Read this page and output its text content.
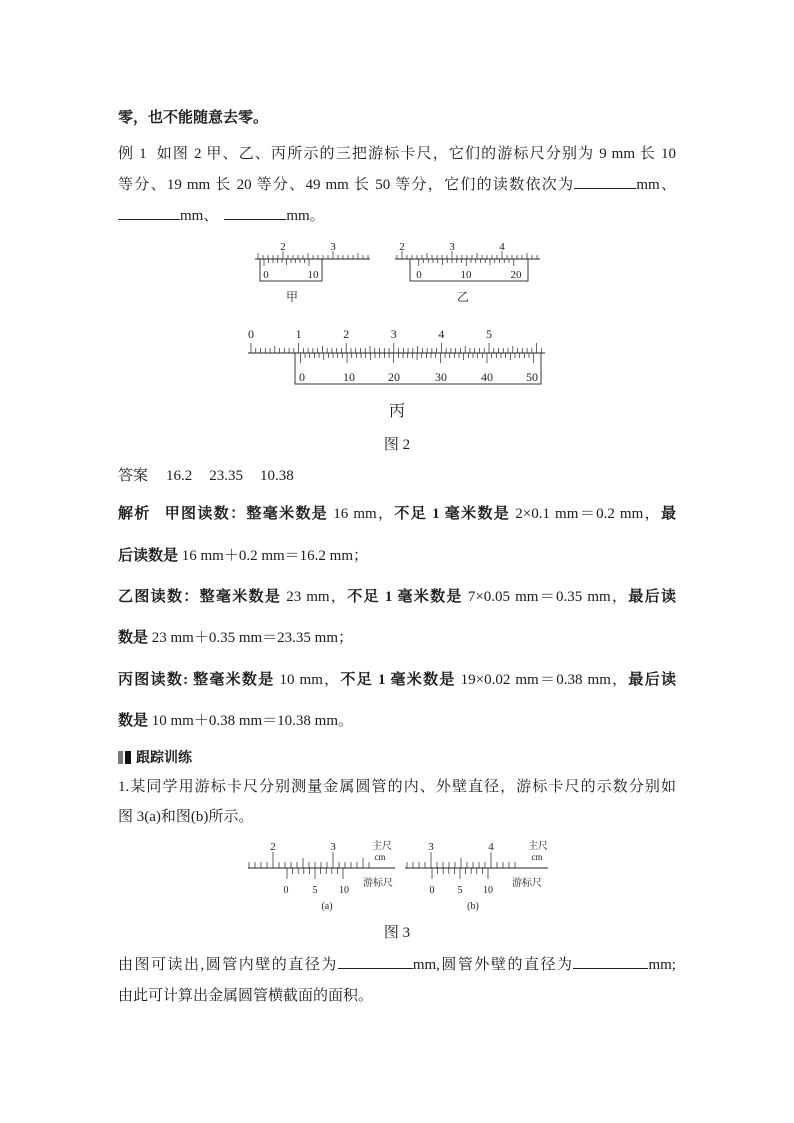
零，也不能随意去零。
例 1 如图 2 甲、乙、丙所示的三把游标卡尺，它们的游标尺分别为 9 mm 长 10
等分、19 mm 长 20 等分、49 mm 长 50 等分，它们的读数依次为	mm、
mm、	mm。
2	3
0	10
甲
2	3	4
0	10	20
乙
0	1	2	3	4	5
0	10	20	30	40	50
丙
图 2
答案 16.2 23.35 10.38
解析 甲图读数：整毫米数是 16 mm，不足 1 毫米数是 2×0.1 mm＝0.2 mm，最
后读数是 16 mm＋0.2 mm＝16.2 mm；
乙图读数：整毫米数是 23 mm，不足 1 毫米数是 7×0.05 mm＝0.35 mm，最后读
数是 23 mm＋0.35 mm＝23.35 mm；
丙图读数: 整毫米数是 10 mm，不足 1 毫米数是 19×0.02 mm＝0.38 mm，最后读
数是 10 mm＋0.38 mm＝10.38 mm。
跟踪训练
1.某同学用游标卡尺分别测量金属圆管的内、外壁直径，游标卡尺的示数分别如
图 3(a)和图(b)所示。
2	3	主尺
cm
0 5 10
游标尺
(a)
3	4	主尺
cm
0 5 10
游标尺
(b)
图 3
由图可读出,圆管内壁的直径为	mm,圆管外壁的直径为	mm;
由此可计算出金属圆管横截面的面积。
